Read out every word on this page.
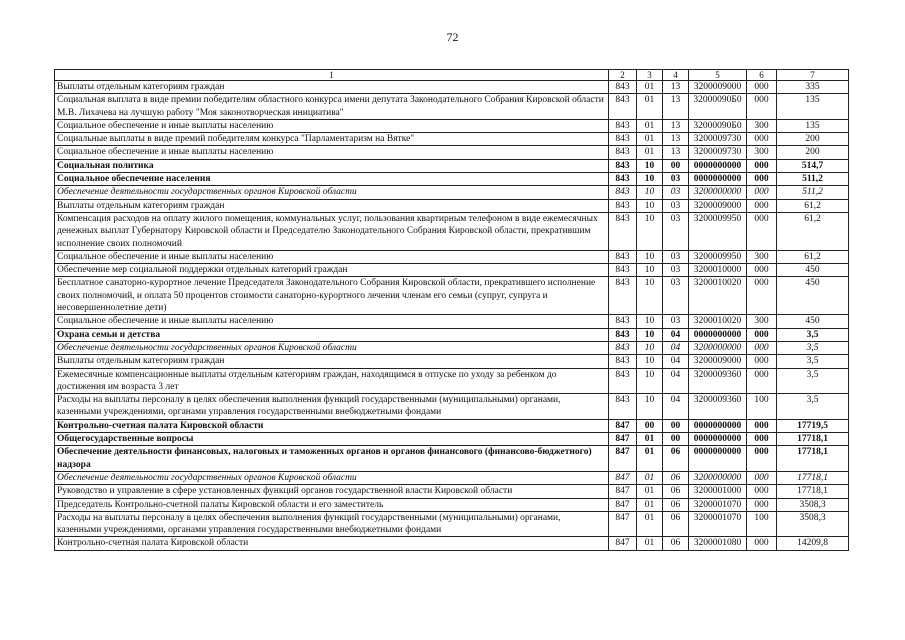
72
1	2	3	4	5	6	7
Выплаты отдельным категориям граждан	843	01	13	3200009000	000	335
Социальная выплата в виде премии победителям областного конкурса имени депутата Законодательного Собрания Кировской области М.В. Лихачева на лучшую работу "Моя законотворческая инициатива"	843	01	13	32000090Б0	000	135
Социальное обеспечение и иные выплаты населению	843	01	13	32000090Б0	300	135
Социальные выплаты в виде премий победителям конкурса "Парламентаризм на Вятке"	843	01	13	3200009730	000	200
Социальное обеспечение и иные выплаты населению	843	01	13	3200009730	300	200
Социальная политика	843	10	00	0000000000	000	514,7
Социальное обеспечение населения	843	10	03	0000000000	000	511,2
Обеспечение деятельности государственных органов Кировской области	843	10	03	3200000000	000	511,2
Выплаты отдельным категориям граждан	843	10	03	3200009000	000	61,2
Компенсация расходов на оплату жилого помещения, коммунальных услуг, пользования квартирным телефоном в виде ежемесячных денежных выплат Губернатору Кировской области и Председателю Законодательного Собрания Кировской области, прекратившим исполнение своих полномочий	843	10	03	3200009950	000	61,2
Социальное обеспечение и иные выплаты населению	843	10	03	3200009950	300	61,2
Обеспечение мер социальной поддержки отдельных категорий граждан	843	10	03	3200010000	000	450
Бесплатное санаторно-курортное лечение Председателя Законодательного Собрания Кировской области, прекратившего исполнение своих полномочий, и оплата 50 процентов стоимости санаторно-курортного лечения членам его семьи (супруг, супруга и несовершеннолетние дети)	843	10	03	3200010020	000	450
Социальное обеспечение и иные выплаты населению	843	10	03	3200010020	300	450
Охрана семьи и детства	843	10	04	0000000000	000	3,5
Обеспечение деятельности государственных органов Кировской области	843	10	04	3200000000	000	3,5
Выплаты отдельным категориям граждан	843	10	04	3200009000	000	3,5
Ежемесячные компенсационные выплаты отдельным категориям граждан, находящимся в отпуске по уходу за ребенком до достижения им возраста 3 лет	843	10	04	3200009360	000	3,5
Расходы на выплаты персоналу в целях обеспечения выполнения функций государственными (муниципальными) органами, казенными учреждениями, органами управления государственными внебюджетными фондами	843	10	04	3200009360	100	3,5
Контрольно-счетная палата Кировской области	847	00	00	0000000000	000	17719,5
Общегосударственные вопросы	847	01	00	0000000000	000	17718,1
Обеспечение деятельности финансовых, налоговых и таможенных органов и органов финансового (финансово-бюджетного) надзора	847	01	06	0000000000	000	17718,1
Обеспечение деятельности государственных органов Кировской области	847	01	06	3200000000	000	17718,1
Руководство и управление в сфере установленных функций органов государственной власти Кировской области	847	01	06	3200001000	000	17718,1
Председатель Контрольно-счетной палаты Кировской области и его заместитель	847	01	06	3200001070	000	3508,3
Расходы на выплаты персоналу в целях обеспечения выполнения функций государственными (муниципальными) органами, казенными учреждениями, органами управления государственными внебюджетными фондами	847	01	06	3200001070	100	3508,3
Контрольно-счетная палата Кировской области	847	01	06	3200001080	000	14209,8
